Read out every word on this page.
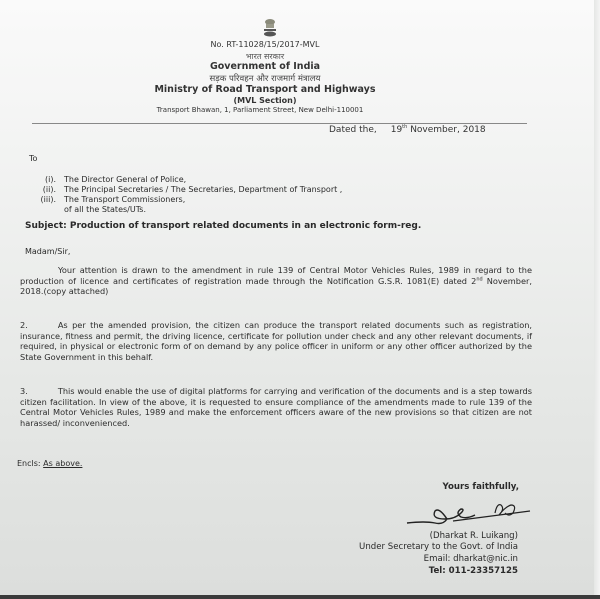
No. RT-11028/15/2017-MVL
भारत सरकार
Government of India
सड़क परिवहन और राजमार्ग मंत्रालय
Ministry of Road Transport and Highways
(MVL Section)
Transport Bhawan, 1, Parliament Street, New Delhi-110001
Dated the, 19th November, 2018
To
(i).	The Director General of Police,
(ii).	The Principal Secretaries / The Secretaries, Department of Transport ,
(iii).	The Transport Commissioners,
of all the States/UTs.
Subject: Production of transport related documents in an electronic form-reg.
Madam/Sir,
Your attention is drawn to the amendment in rule 139 of Central Motor Vehicles Rules, 1989 in regard to the production of licence and certificates of registration made through the Notification G.S.R. 1081(E) dated 2nd November, 2018.(copy attached)
2.	As per the amended provision, the citizen can produce the transport related documents such as registration, insurance, fitness and permit, the driving licence, certificate for pollution under check and any other relevant documents, if required, in physical or electronic form of on demand by any police officer in uniform or any other officer authorized by the State Government in this behalf.
3.	This would enable the use of digital platforms for carrying and verification of the documents and is a step towards citizen facilitation. In view of the above, it is requested to ensure compliance of the amendments made to rule 139 of the Central Motor Vehicles Rules, 1989 and make the enforcement officers aware of the new provisions so that citizen are not harassed/ inconvenienced.
Encls: As above.
Yours faithfully,
(Dharkat R. Luikang)
Under Secretary to the Govt. of India
Email: dharkat@nic.in
Tel: 011-23357125
